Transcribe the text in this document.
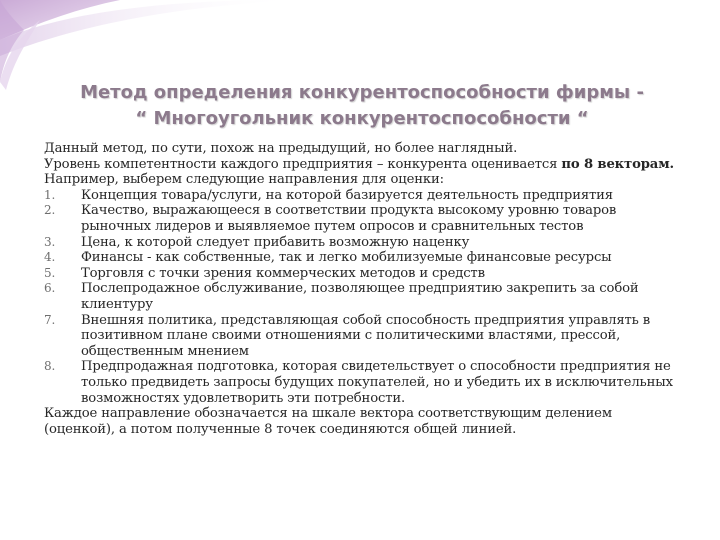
Метод определения конкурентоспособности фирмы -
“ Многоугольник конкурентоспособности “

Данный метод, по сути, похож на предыдущий, но более наглядный.

Уровень компетентности каждого предприятия – конкурента оценивается по 8 векторам.

Например, выберем следующие направления для оценки:

1.	Концепция товара/услуги, на которой базируется деятельность предприятия
2.	Качество, выражающееся в соответствии продукта высокому уровню товаров рыночных лидеров и выявляемое путем опросов и сравнительных тестов
3.	Цена, к которой следует прибавить возможную наценку
4.	Финансы - как собственные, так и легко мобилизуемые финансовые ресурсы
5.	Торговля с точки зрения коммерческих методов и средств
6.	Послепродажное обслуживание, позволяющее предприятию закрепить за собой клиентуру
7.	Внешняя политика, представляющая собой способность предприятия управлять в позитивном плане своими отношениями с политическими властями, прессой, общественным мнением
8.	Предпродажная подготовка, которая свидетельствует о способности предприятия не только предвидеть запросы будущих покупателей, но и убедить их в исключительных возможностях удовлетворить эти потребности.

Каждое направление обозначается на шкале вектора соответствующим делением (оценкой), а потом полученные 8 точек соединяются общей линией.
